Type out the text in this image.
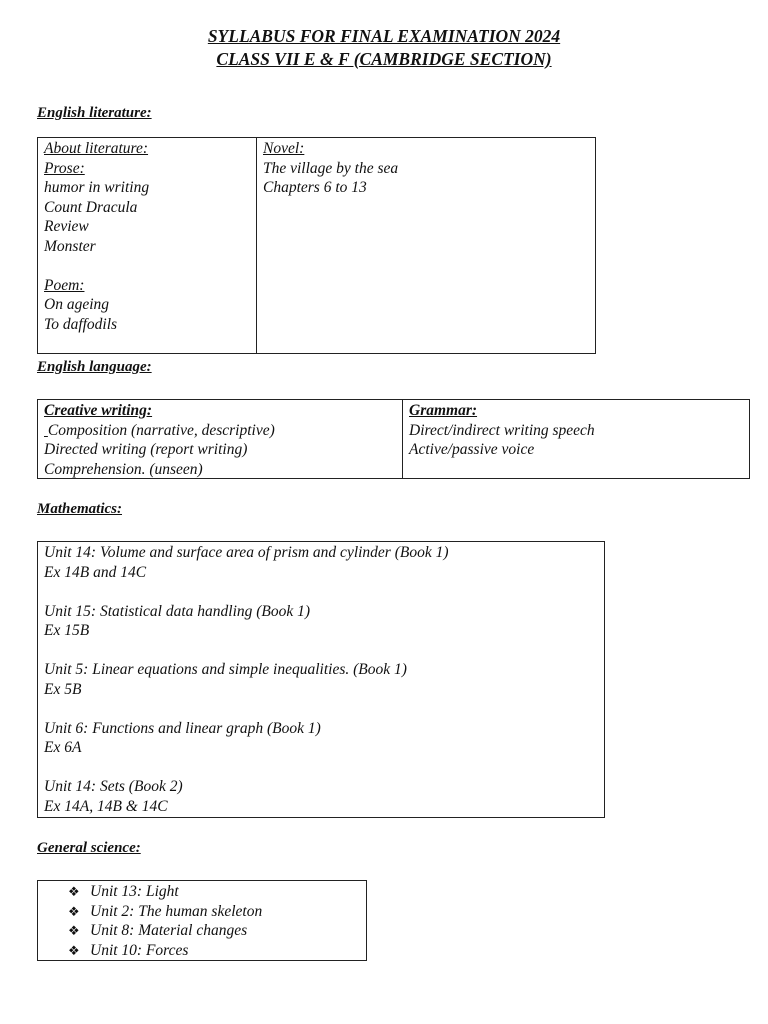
SYLLABUS FOR FINAL EXAMINATION 2024
CLASS VII E & F (CAMBRIDGE SECTION)
English literature:
About literature:
Prose:
humor in writing
Count Dracula
Review
Monster
Poem:
On ageing
To daffodils
Novel:
The village by the sea
Chapters 6 to 13
English language:
Creative writing:
Composition (narrative, descriptive)
Directed writing (report writing)
Comprehension. (unseen)
Grammar:
Direct/indirect writing speech
Active/passive voice
Mathematics:
Unit 14: Volume and surface area of prism and cylinder (Book 1)
Ex 14B and 14C
Unit 15: Statistical data handling (Book 1)
Ex 15B
Unit 5: Linear equations and simple inequalities. (Book 1)
Ex 5B
Unit 6: Functions and linear graph (Book 1)
Ex 6A
Unit 14: Sets (Book 2)
Ex 14A, 14B & 14C
General science:
❖ Unit 13: Light
❖ Unit 2: The human skeleton
❖ Unit 8: Material changes
❖ Unit 10: Forces
